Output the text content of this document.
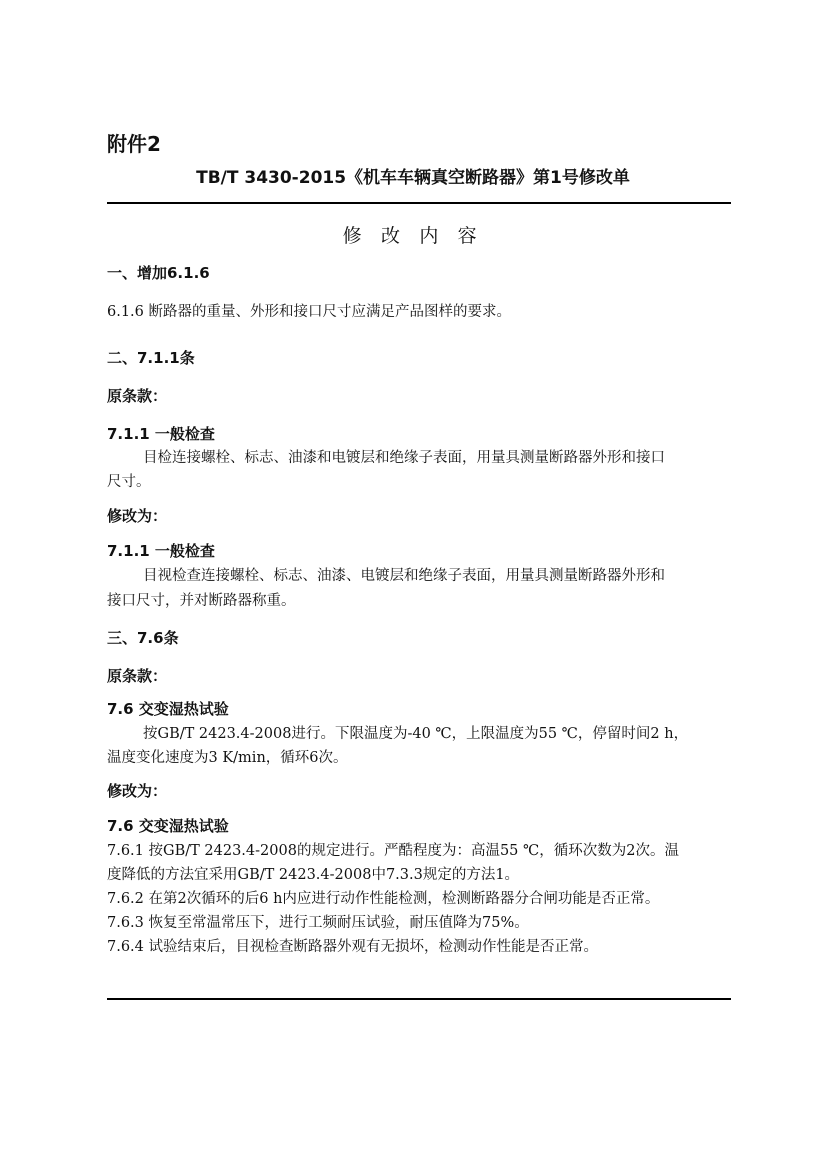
附件2
TB/T 3430-2015《机车车辆真空断路器》第1号修改单
修 改 内 容
一、增加6.1.6
6.1.6 断路器的重量、外形和接口尺寸应满足产品图样的要求。
二、7.1.1条
原条款：
7.1.1 一般检查
目检连接螺栓、标志、油漆和电镀层和绝缘子表面，用量具测量断路器外形和接口
尺寸。
修改为：
7.1.1 一般检查
目视检查连接螺栓、标志、油漆、电镀层和绝缘子表面，用量具测量断路器外形和
接口尺寸，并对断路器称重。
三、7.6条
原条款：
7.6 交变湿热试验
按GB/T 2423.4-2008进行。下限温度为-40 ℃，上限温度为55 ℃，停留时间2 h，
温度变化速度为3 K/min，循环6次。
修改为：
7.6 交变湿热试验
7.6.1 按GB/T 2423.4-2008的规定进行。严酷程度为：高温55 ℃，循环次数为2次。温
度降低的方法宜采用GB/T 2423.4-2008中7.3.3规定的方法1。
7.6.2 在第2次循环的后6 h内应进行动作性能检测，检测断路器分合闸功能是否正常。
7.6.3 恢复至常温常压下，进行工频耐压试验，耐压值降为75%。
7.6.4 试验结束后，目视检查断路器外观有无损坏，检测动作性能是否正常。
